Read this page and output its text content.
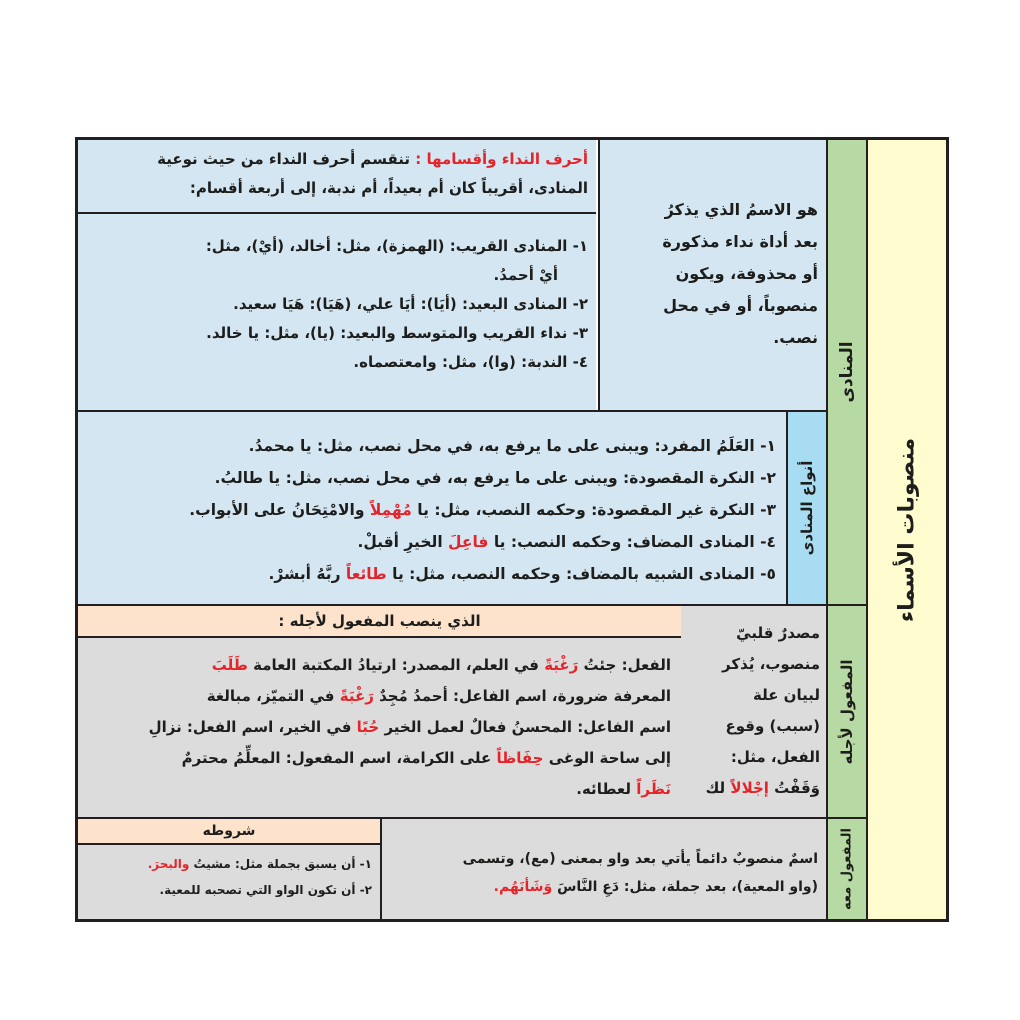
منصوبات الأسماء
المنادى
هو الاسمُ الذي يذكرُ
بعد أداة نداء مذكورة
أو محذوفة، ويكون
منصوباً، أو في محل
نصب.
أحرف النداء وأقسامها : تنقسم أحرف النداء من حيث نوعية
المنادى، أقريباً كان أم بعيداً، أم ندبة، إلى أربعة أقسام:
١- المنادى القريب: (الهمزة)، مثل: أخالد، (أيْ)، مثل:
أيْ أحمدُ.
٢- المنادى البعيد: (أيَا): أيَا علي، (هَيَا): هَيَا سعيد.
٣- نداء القريب والمتوسط والبعيد: (يا)، مثل: يا خالد.
٤- الندبة: (وا)، مثل: وامعتصماه.
أنواع المنادى
١- العَلَمُ المفرد: ويبنى على ما يرفع به، في محل نصب، مثل: يا محمدُ.
٢- النكرة المقصودة: ويبنى على ما يرفع به، في محل نصب، مثل: يا طالبُ.
٣- النكرة غير المقصودة: وحكمه النصب، مثل: يا مُهْمِلاً والامْتِحَانُ على الأبواب.
٤- المنادى المضاف: وحكمه النصب: يا فاعِلَ الخيرِ أقبلْ.
٥- المنادى الشبيه بالمضاف: وحكمه النصب، مثل: يا طائعاً ربَّهُ أبشرْ.
المفعول لأجله
مصدرٌ قلبيّ
منصوب، يُذكر
لبيان علة
(سبب) وقوع
الفعل، مثل:
وَقَفْتُ إجْلالاً لك
الذي ينصب المفعول لأجله :
الفعل: جئتُ رَغْبَةً في العلم، المصدر: ارتيادُ المكتبة العامة طَلَبَ
المعرفة ضرورة، اسم الفاعل: أحمدُ مُجِدٌ رَغْبَةً في التميّز، مبالغة
اسم الفاعل: المحسنُ فعالٌ لعمل الخير حُبًا في الخير، اسم الفعل: نزالِ
إلى ساحة الوغى حِفَاظاً على الكرامة، اسم المفعول: المعلِّمُ محترمٌ
نَظَراً لعطائه.
المفعول معه
اسمٌ منصوبٌ دائماً يأتي بعد واو بمعنى (مع)، وتسمى
(واو المعية)، بعد جملة، مثل: دَعِ النَّاسَ وَشَأنَهُم.
شروطه
١- أن يسبق بجملة مثل: مشيتُ والبحرَ.
٢- أن تكون الواو التي تصحبه للمعية.
